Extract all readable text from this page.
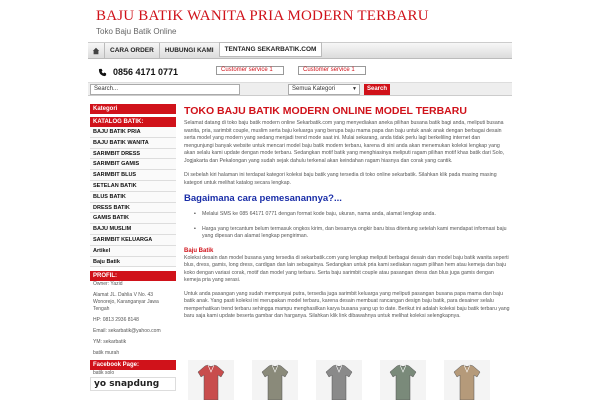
BAJU BATIK WANITA PRIA MODERN TERBARU
Toko Baju Batik Online
CARA ORDER	HUBUNGI KAMI	TENTANG SEKARBATIK.COM
0856 4171 0771	Customer service 1	Customer service 1
Search...	Semua Kategori	▼	Search
Kategori
KATALOG BATIK:
BAJU BATIK PRIA
BAJU BATIK WANITA
SARIMBIT DRESS
SARIMBIT GAMIS
SARIMBIT BLUS
SETELAN BATIK
BLUS BATIK
DRESS BATIK
GAMIS BATIK
BAJU MUSLIM
SARIMBIT KELUARGA
Artikel
Baju Batik
PROFIL:
Owner: Yazid
Alamat JL. Dahlia V No. 43
Wonorejo, Karanganyar Jawa
Tengah
HP: 0813 2936 8148
Email: sekarbatik@yahoo.com
YM: sekarbatik
batik murah
Facebook Page:
batik solo
yo snapdung
TOKO BAJU BATIK MODERN ONLINE MODEL TERBARU

Selamat datang di toko baju batik modern online Sekarbatik.com yang menyediakan aneka pilihan busana batik bagi anda, meliputi busana wanita, pria, sarimbit couple, muslim serta baju keluarga yang berupa baju mama papa dan baju untuk anak anak dengan berbagai desain serta model yang modern yang sedang menjadi trend mode saat ini. Mulai sekarang, anda tidak perlu lagi berkeliling internet dan mengunjungi banyak website untuk mencari model baju batik modern terbaru, karena di sini anda akan menemukan koleksi lengkap yang akan selalu kami update dengan mode terbaru. Sedangkan motif batik yang menghiasinya meliputi ragam pilihan motif khas batik dari Solo, Jogjakarta dan Pekalongan yang sudah sejak dahulu terkenal akan keindahan ragam hiasnya dan corak yang cantik.

Di sebelah kiri halaman ini terdapat kategori koleksi baju batik yang tersedia di toko online sekarbatik. Silahkan klik pada masing masing kategori untuk melihat katalog secara lengkap.

Bagaimana cara pemesanannya?...
• Melalui SMS ke 085 64171 0771 dengan format kode baju, ukuran, nama anda, alamat lengkap anda.
• Harga yang tercantum belum termasuk ongkos kirim, dan besarnya ongkir baru bisa ditentung setelah kami mendapat informasi baju yang dipesan dan alamat lengkap pengiriman.
Baju Batik

Koleksi desain dan model busana yang tersedia di sekarbatik.com yang lengkap meliputi berbagai desain dan model baju batik wanita seperti blus, dress, gamis, long dress, cardigan dan lain sebagainya. Sedangkan untuk pria kami sediakan ragam pilihan hem atau kemeja dan baju koko dengan variasi corak, motif dan model yang terbaru. Serta baju sarimbit couple atau pasangan dress dan blus juga gamis dengan kemeja pria yang serasi.

Untuk anda pasangan yang sudah mempunyai putra, tersedia juga sarimbit keluarga yang meliputi pasangan busana papa mama dan baju batik anak. Yang pasti koleksi ini merupakan model terbaru, karena desain membuat rancangan design baju batik, para desainer selalu memperhatikan trend terbaru sehingga mampu menghasilkan karya busana yang up to date. Berikut ini adalah koleksi baju batik terbaru yang baru saja kami update beserta gambar dan harganya. Silahkan klik link dibawahnya untuk melihat koleksi selengkapnya.
